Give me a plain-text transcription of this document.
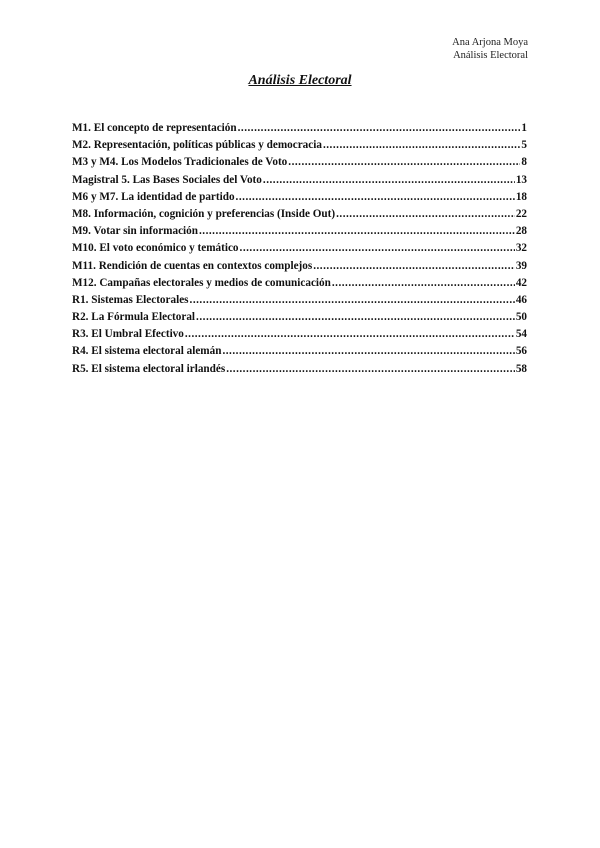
Ana Arjona Moya
Análisis Electoral
Análisis Electoral
M1. El concepto de representación .....	1
M2. Representación, políticas públicas y democracia .....	5
M3 y M4. Los Modelos Tradicionales de Voto .....	8
Magistral 5. Las Bases Sociales del Voto .....	13
M6 y M7. La identidad de partido .....	18
M8. Información, cognición y preferencias (Inside Out) .....	22
M9. Votar sin información .....	28
M10. El voto económico y temático .....	32
M11. Rendición de cuentas en contextos complejos .....	39
M12. Campañas electorales y medios de comunicación .....	42
R1. Sistemas Electorales .....	46
R2. La Fórmula Electoral .....	50
R3. El Umbral Efectivo .....	54
R4. El sistema electoral alemán .....	56
R5. El sistema electoral irlandés .....	58
